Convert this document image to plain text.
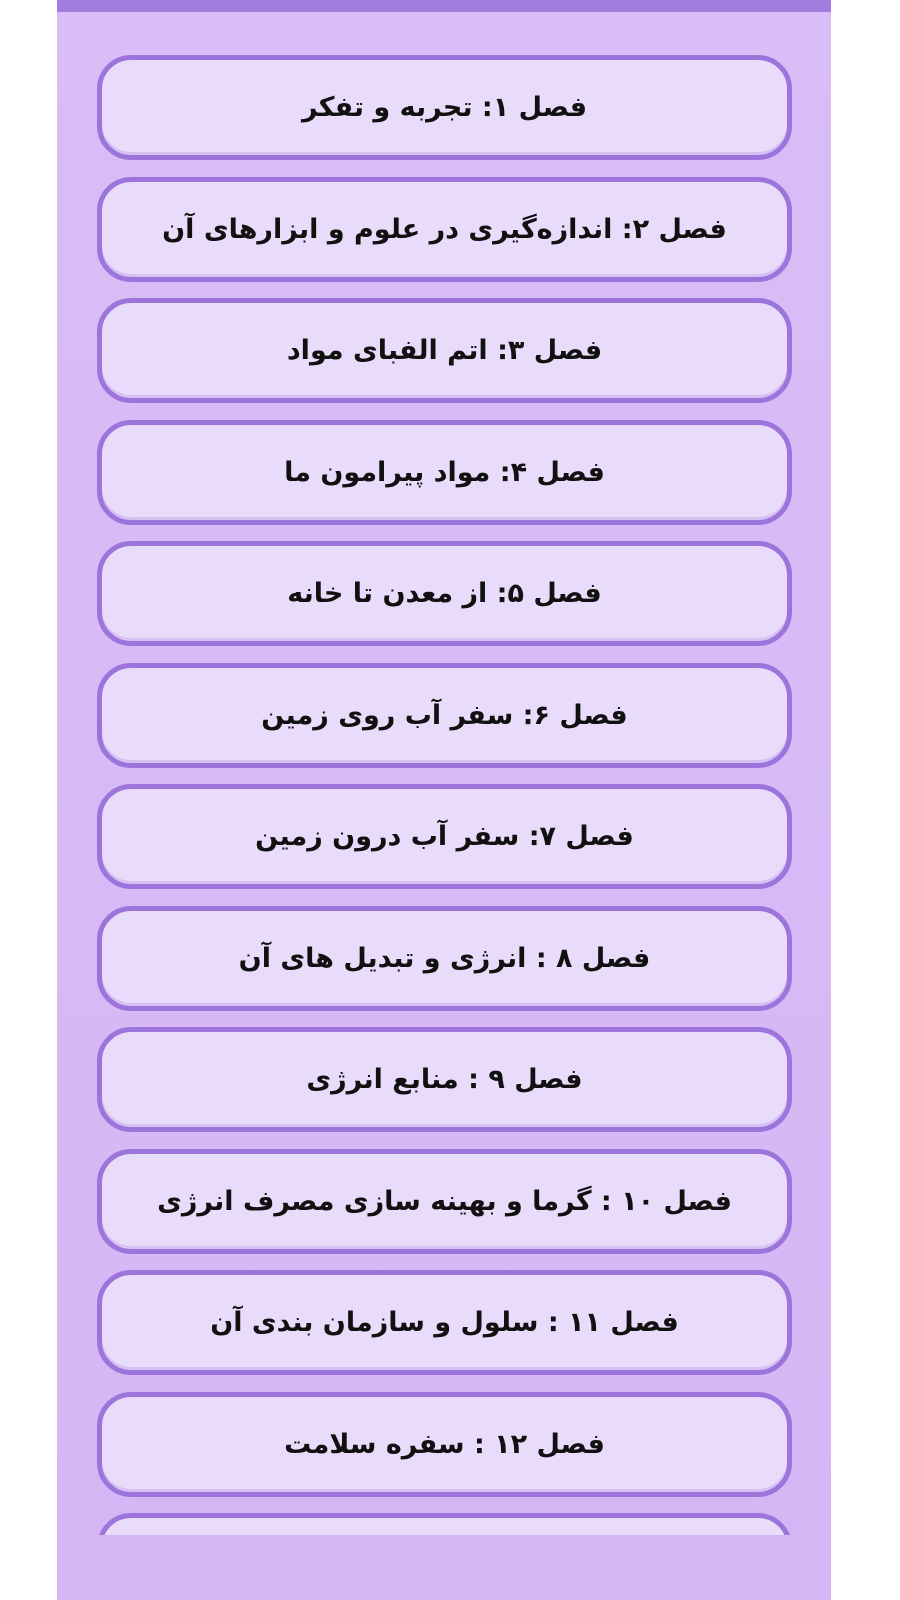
فصل ۱: تجربه و تفکر
فصل ۲: اندازه‌گیری در علوم و ابزارهای آن
فصل ۳: اتم الفبای مواد
فصل ۴: مواد پیرامون ما
فصل ۵: از معدن تا خانه
فصل ۶: سفر آب روی زمین
فصل ۷: سفر آب درون زمین
فصل ۸ : انرژی و تبدیل های آن
فصل ۹ : منابع انرژی
فصل ۱۰ : گرما و بهینه سازی مصرف انرژی
فصل ۱۱ : سلول و سازمان بندی آن
فصل ۱۲ : سفره سلامت
